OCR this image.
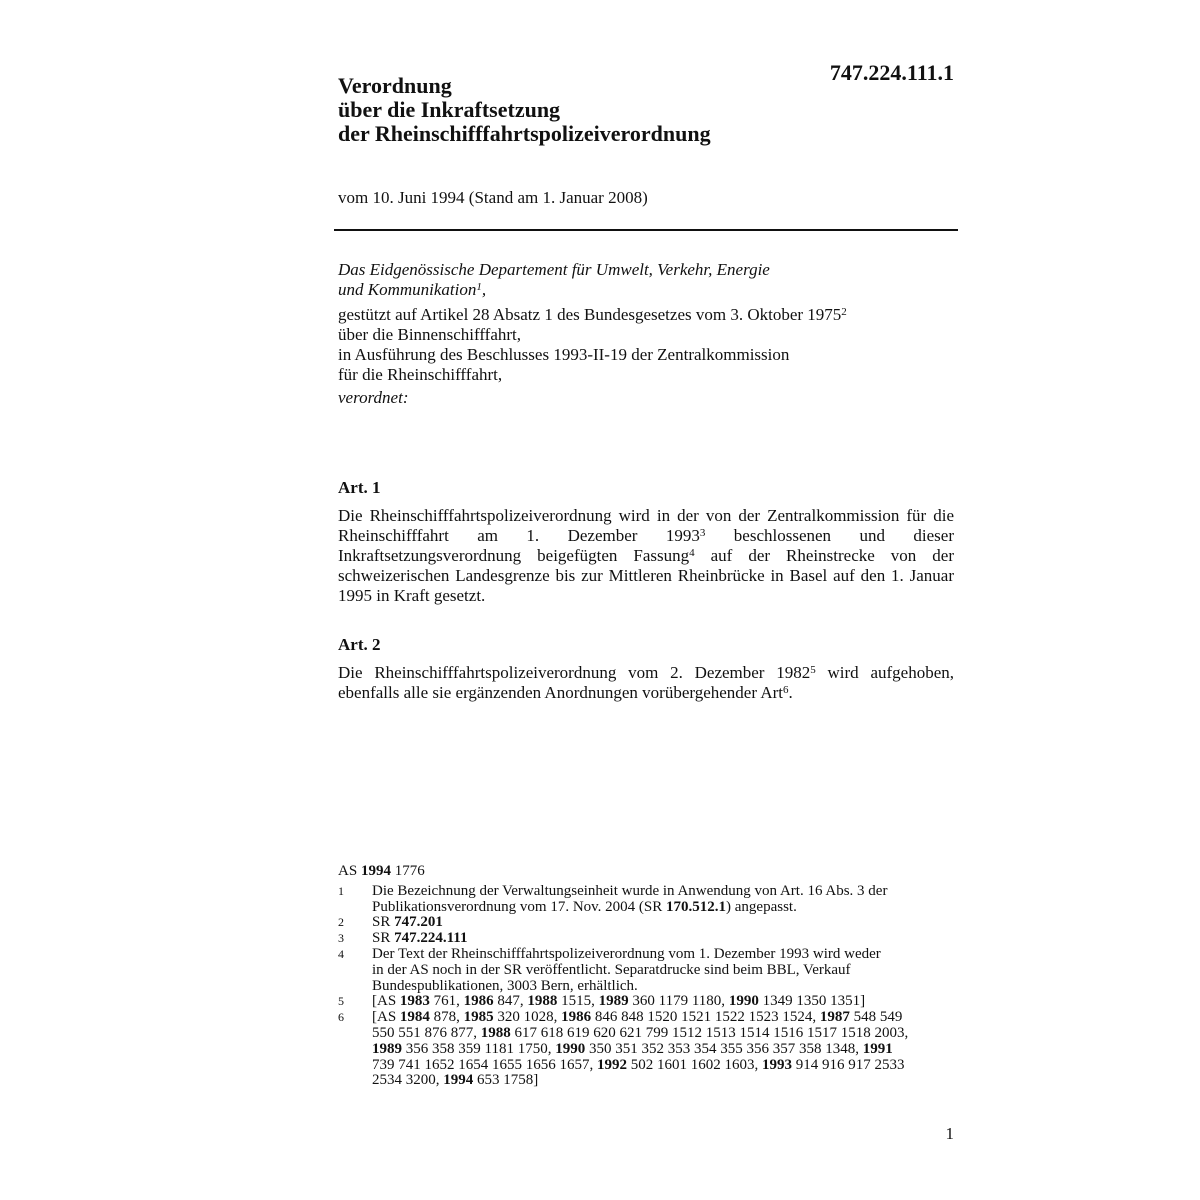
747.224.111.1
Verordnung
über die Inkraftsetzung
der Rheinschifffahrtspolizeiverordnung
vom 10. Juni 1994 (Stand am 1. Januar 2008)
Das Eidgenössische Departement für Umwelt, Verkehr, Energie
und Kommunikation$^1$,
gestützt auf Artikel 28 Absatz 1 des Bundesgesetzes vom 3. Oktober 1975$^2$
über die Binnenschifffahrt,
in Ausführung des Beschlusses 1993-II-19 der Zentralkommission
für die Rheinschifffahrt,
verordnet:
Art. 1

Die Rheinschifffahrtspolizeiverordnung wird in der von der Zentralkommission für die Rheinschifffahrt am 1. Dezember 1993$^3$ beschlossenen und dieser Inkraftsetzungsverordnung beigefügten Fassung$^4$ auf der Rheinstrecke von der schweizerischen Landesgrenze bis zur Mittleren Rheinbrücke in Basel auf den 1. Januar 1995 in Kraft gesetzt.

Art. 2

Die Rheinschifffahrtspolizeiverordnung vom 2. Dezember 1982$^5$ wird aufgehoben, ebenfalls alle sie ergänzenden Anordnungen vorübergehender Art$^6$.

AS 1994 1776
1	Die Bezeichnung der Verwaltungseinheit wurde in Anwendung von Art. 16 Abs. 3 der
Publikationsverordnung vom 17. Nov. 2004 (SR 170.512.1) angepasst.
2	SR 747.201
3	SR 747.224.111
4	Der Text der Rheinschifffahrtspolizeiverordnung vom 1. Dezember 1993 wird weder
in der AS noch in der SR veröffentlicht. Separatdrucke sind beim BBL, Verkauf
Bundespublikationen, 3003 Bern, erhältlich.
5	[AS 1983 761, 1986 847, 1988 1515, 1989 360 1179 1180, 1990 1349 1350 1351]
6	[AS 1984 878, 1985 320 1028, 1986 846 848 1520 1521 1522 1523 1524, 1987 548 549
550 551 876 877, 1988 617 618 619 620 621 799 1512 1513 1514 1516 1517 1518 2003,
1989 356 358 359 1181 1750, 1990 350 351 352 353 354 355 356 357 358 1348, 1991
739 741 1652 1654 1655 1656 1657, 1992 502 1601 1602 1603, 1993 914 916 917 2533
2534 3200, 1994 653 1758]
1
